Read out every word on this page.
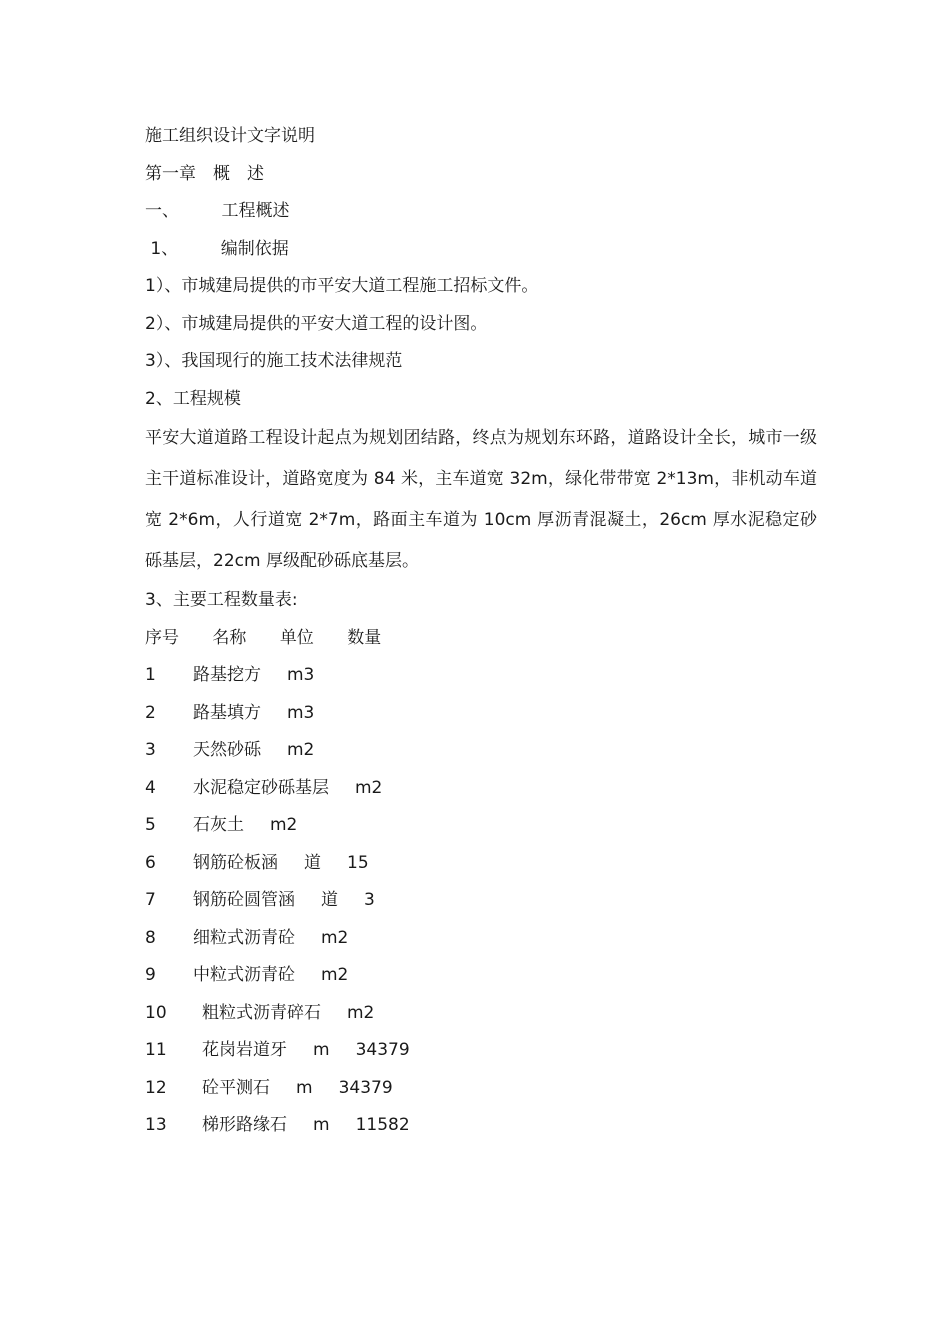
施工组织设计文字说明
第一章　概　述
一、　　　工程概述
1、　　　编制依据
1）、市城建局提供的市平安大道工程施工招标文件。
2）、市城建局提供的平安大道工程的设计图。
3）、我国现行的施工技术法律规范
2、工程规模
平安大道道路工程设计起点为规划团结路，终点为规划东环路，道路设计全长，城市一级主干道标准设计，道路宽度为 84 米，主车道宽 32m，绿化带带宽 2*13m，非机动车道宽 2*6m，人行道宽 2*7m，路面主车道为 10cm 厚沥青混凝土，26cm 厚水泥稳定砂砾基层，22cm 厚级配砂砾底基层。
3、主要工程数量表:
序号 名称 单位 数量
1 路基挖方 m3
2 路基填方 m3
3 天然砂砾 m2
4 水泥稳定砂砾基层 m2
5 石灰土 m2
6 钢筋砼板涵 道 15
7 钢筋砼圆管涵 道 3
8 细粒式沥青砼 m2
9 中粒式沥青砼 m2
10 粗粒式沥青碎石 m2
11 花岗岩道牙 m 34379
12 砼平测石 m 34379
13 梯形路缘石 m 11582
